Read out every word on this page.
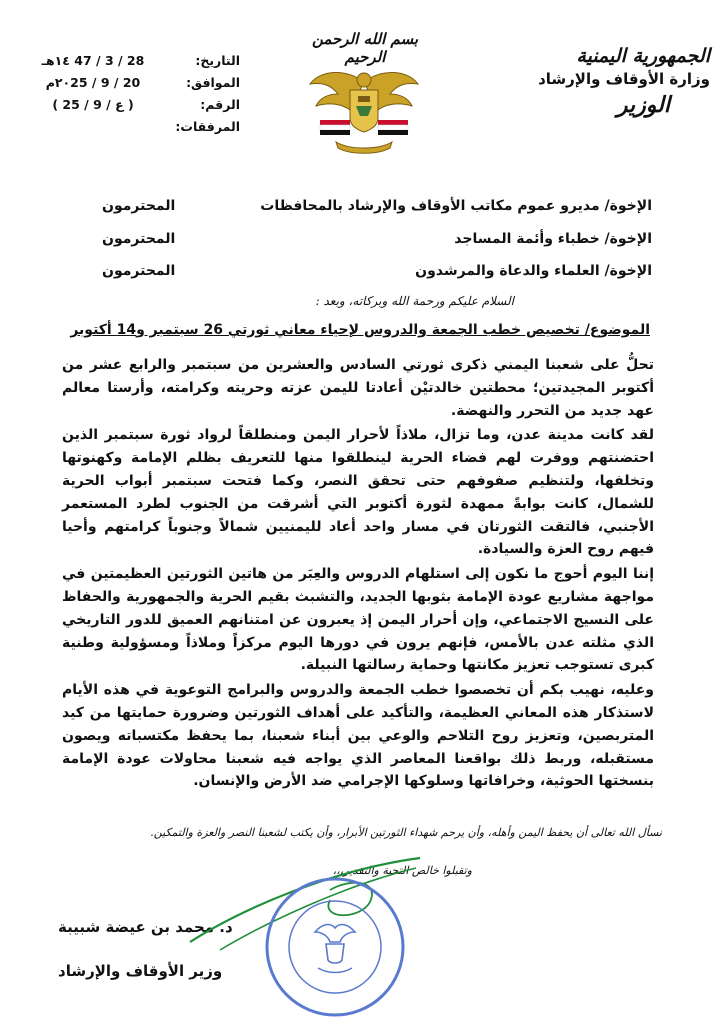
الجمهورية اليمنية
وزارة الأوقاف والإرشاد
الوزير
بسم الله الرحمن الرحيم
التاريخ:
28 / 3 / 47 ١٤هـ
الموافق:
20 / 9 / ٢٠25م
الرقم:
( ع / 9 / 25 )
المرفقات:
الإخوة/ مديرو عموم مكاتب الأوقاف والإرشاد بالمحافظات
المحترمون
الإخوة/ خطباء وأئمة المساجد
المحترمون
الإخوة/ العلماء والدعاة والمرشدون
المحترمون
السلام عليكم ورحمة الله وبركاته، وبعد :
الموضوع/ تخصيص خطب الجمعة والدروس لإحياء معاني ثورتي 26 سبتمبر و14 أكتوبر

تحلُّ على شعبنا اليمني ذكرى ثورتي السادس والعشرين من سبتمبر والرابع عشر من أكتوبر المجيدتين؛ محطتين خالدتيْن أعادتا لليمن عزته وحريته وكرامته، وأرستا معالم عهد جديد من التحرر والنهضة.

لقد كانت مدينة عدن، وما تزال، ملاذاً لأحرار اليمن ومنطلقاً لرواد ثورة سبتمبر الذين احتضنتهم ووفرت لهم فضاء الحرية لينطلقوا منها للتعريف بظلم الإمامة وكهنوتها وتخلفها، ولتنظيم صفوفهم حتى تحقق النصر، وكما فتحت سبتمبر أبواب الحرية للشمال، كانت بوابةً ممهدة لثورة أكتوبر التي أشرقت من الجنوب لطرد المستعمر الأجنبي، فالتقت الثورتان في مسار واحد أعاد لليمنيين شمالاً وجنوباً كرامتهم وأحيا فيهم روح العزة والسيادة.

إننا اليوم أحوج ما نكون إلى استلهام الدروس والعِبَر من هاتين الثورتين العظيمتين في مواجهة مشاريع عودة الإمامة بثوبها الجديد، والتشبث بقيم الحرية والجمهورية والحفاظ على النسيج الاجتماعي، وإن أحرار اليمن إذ يعبرون عن امتنانهم العميق للدور التاريخي الذي مثلته عدن بالأمس، فإنهم يرون في دورها اليوم مركزاً وملاذاً ومسؤولية وطنية كبرى تستوجب تعزيز مكانتها وحماية رسالتها النبيلة.

وعليه، نهيب بكم أن تخصصوا خطب الجمعة والدروس والبرامج التوعوية في هذه الأيام لاستذكار هذه المعاني العظيمة، والتأكيد على أهداف الثورتين وضرورة حمايتها من كيد المتربصين، وتعزيز روح التلاحم والوعي بين أبناء شعبنا، بما يحفظ مكتسباته ويصون مستقبله، وربط ذلك بواقعنا المعاصر الذي يواجه فيه شعبنا محاولات عودة الإمامة بنسختها الحوثية، وخرافاتها وسلوكها الإجرامي ضد الأرض والإنسان.

نسأل الله تعالى أن يحفظ اليمن وأهله، وأن يرحم شهداء الثورتين الأبرار، وأن يكتب لشعبنا النصر والعزة والتمكين.
وتقبلوا خالص التحية والتقدير،،،
د. محمد بن عيضة شبيبة
وزير الأوقاف والإرشاد
